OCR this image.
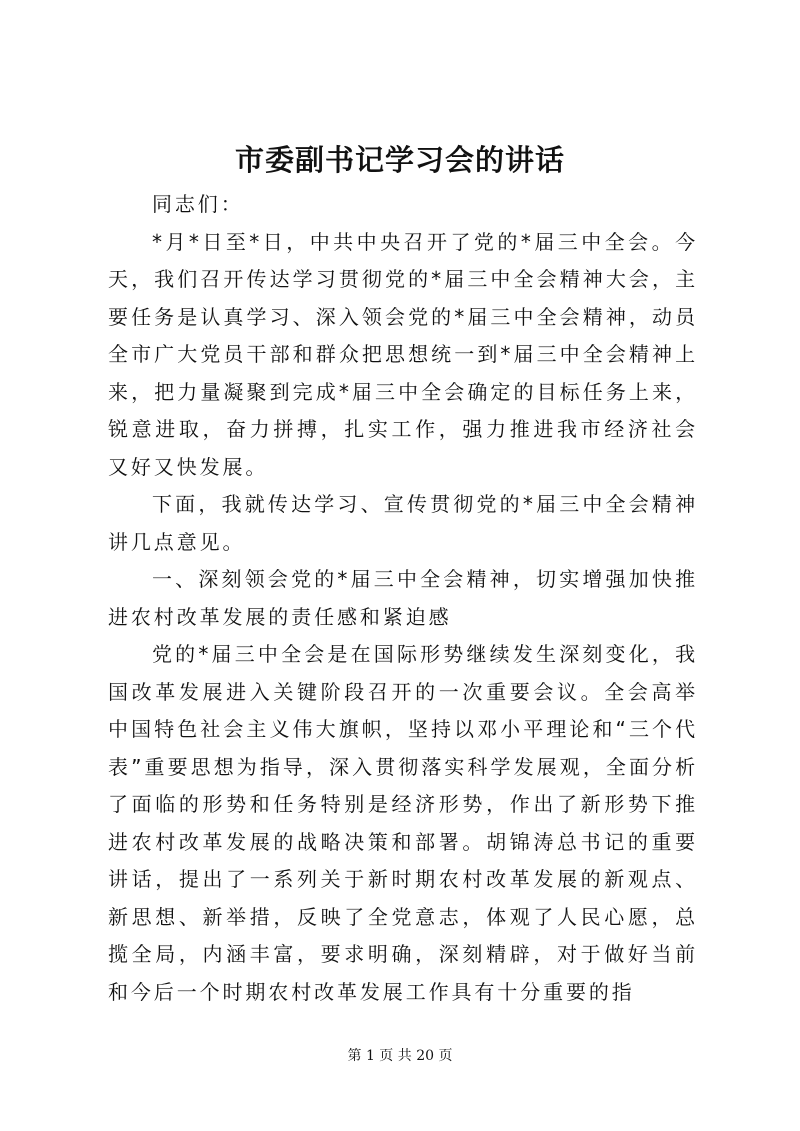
市委副书记学习会的讲话

同志们：

*月*日至*日，中共中央召开了党的*届三中全会。今天，我们召开传达学习贯彻党的*届三中全会精神大会，主要任务是认真学习、深入领会党的*届三中全会精神，动员全市广大党员干部和群众把思想统一到*届三中全会精神上来，把力量凝聚到完成*届三中全会确定的目标任务上来，锐意进取，奋力拼搏，扎实工作，强力推进我市经济社会又好又快发展。

下面，我就传达学习、宣传贯彻党的*届三中全会精神讲几点意见。

一、深刻领会党的*届三中全会精神，切实增强加快推进农村改革发展的责任感和紧迫感

党的*届三中全会是在国际形势继续发生深刻变化，我国改革发展进入关键阶段召开的一次重要会议。全会高举中国特色社会主义伟大旗帜，坚持以邓小平理论和“三个代表”重要思想为指导，深入贯彻落实科学发展观，全面分析了面临的形势和任务特别是经济形势，作出了新形势下推进农村改革发展的战略决策和部署。胡锦涛总书记的重要讲话，提出了一系列关于新时期农村改革发展的新观点、新思想、新举措，反映了全党意志，体观了人民心愿，总揽全局，内涵丰富，要求明确，深刻精辟，对于做好当前和今后一个时期农村改革发展工作具有十分重要的指

第 1 页 共 20 页
